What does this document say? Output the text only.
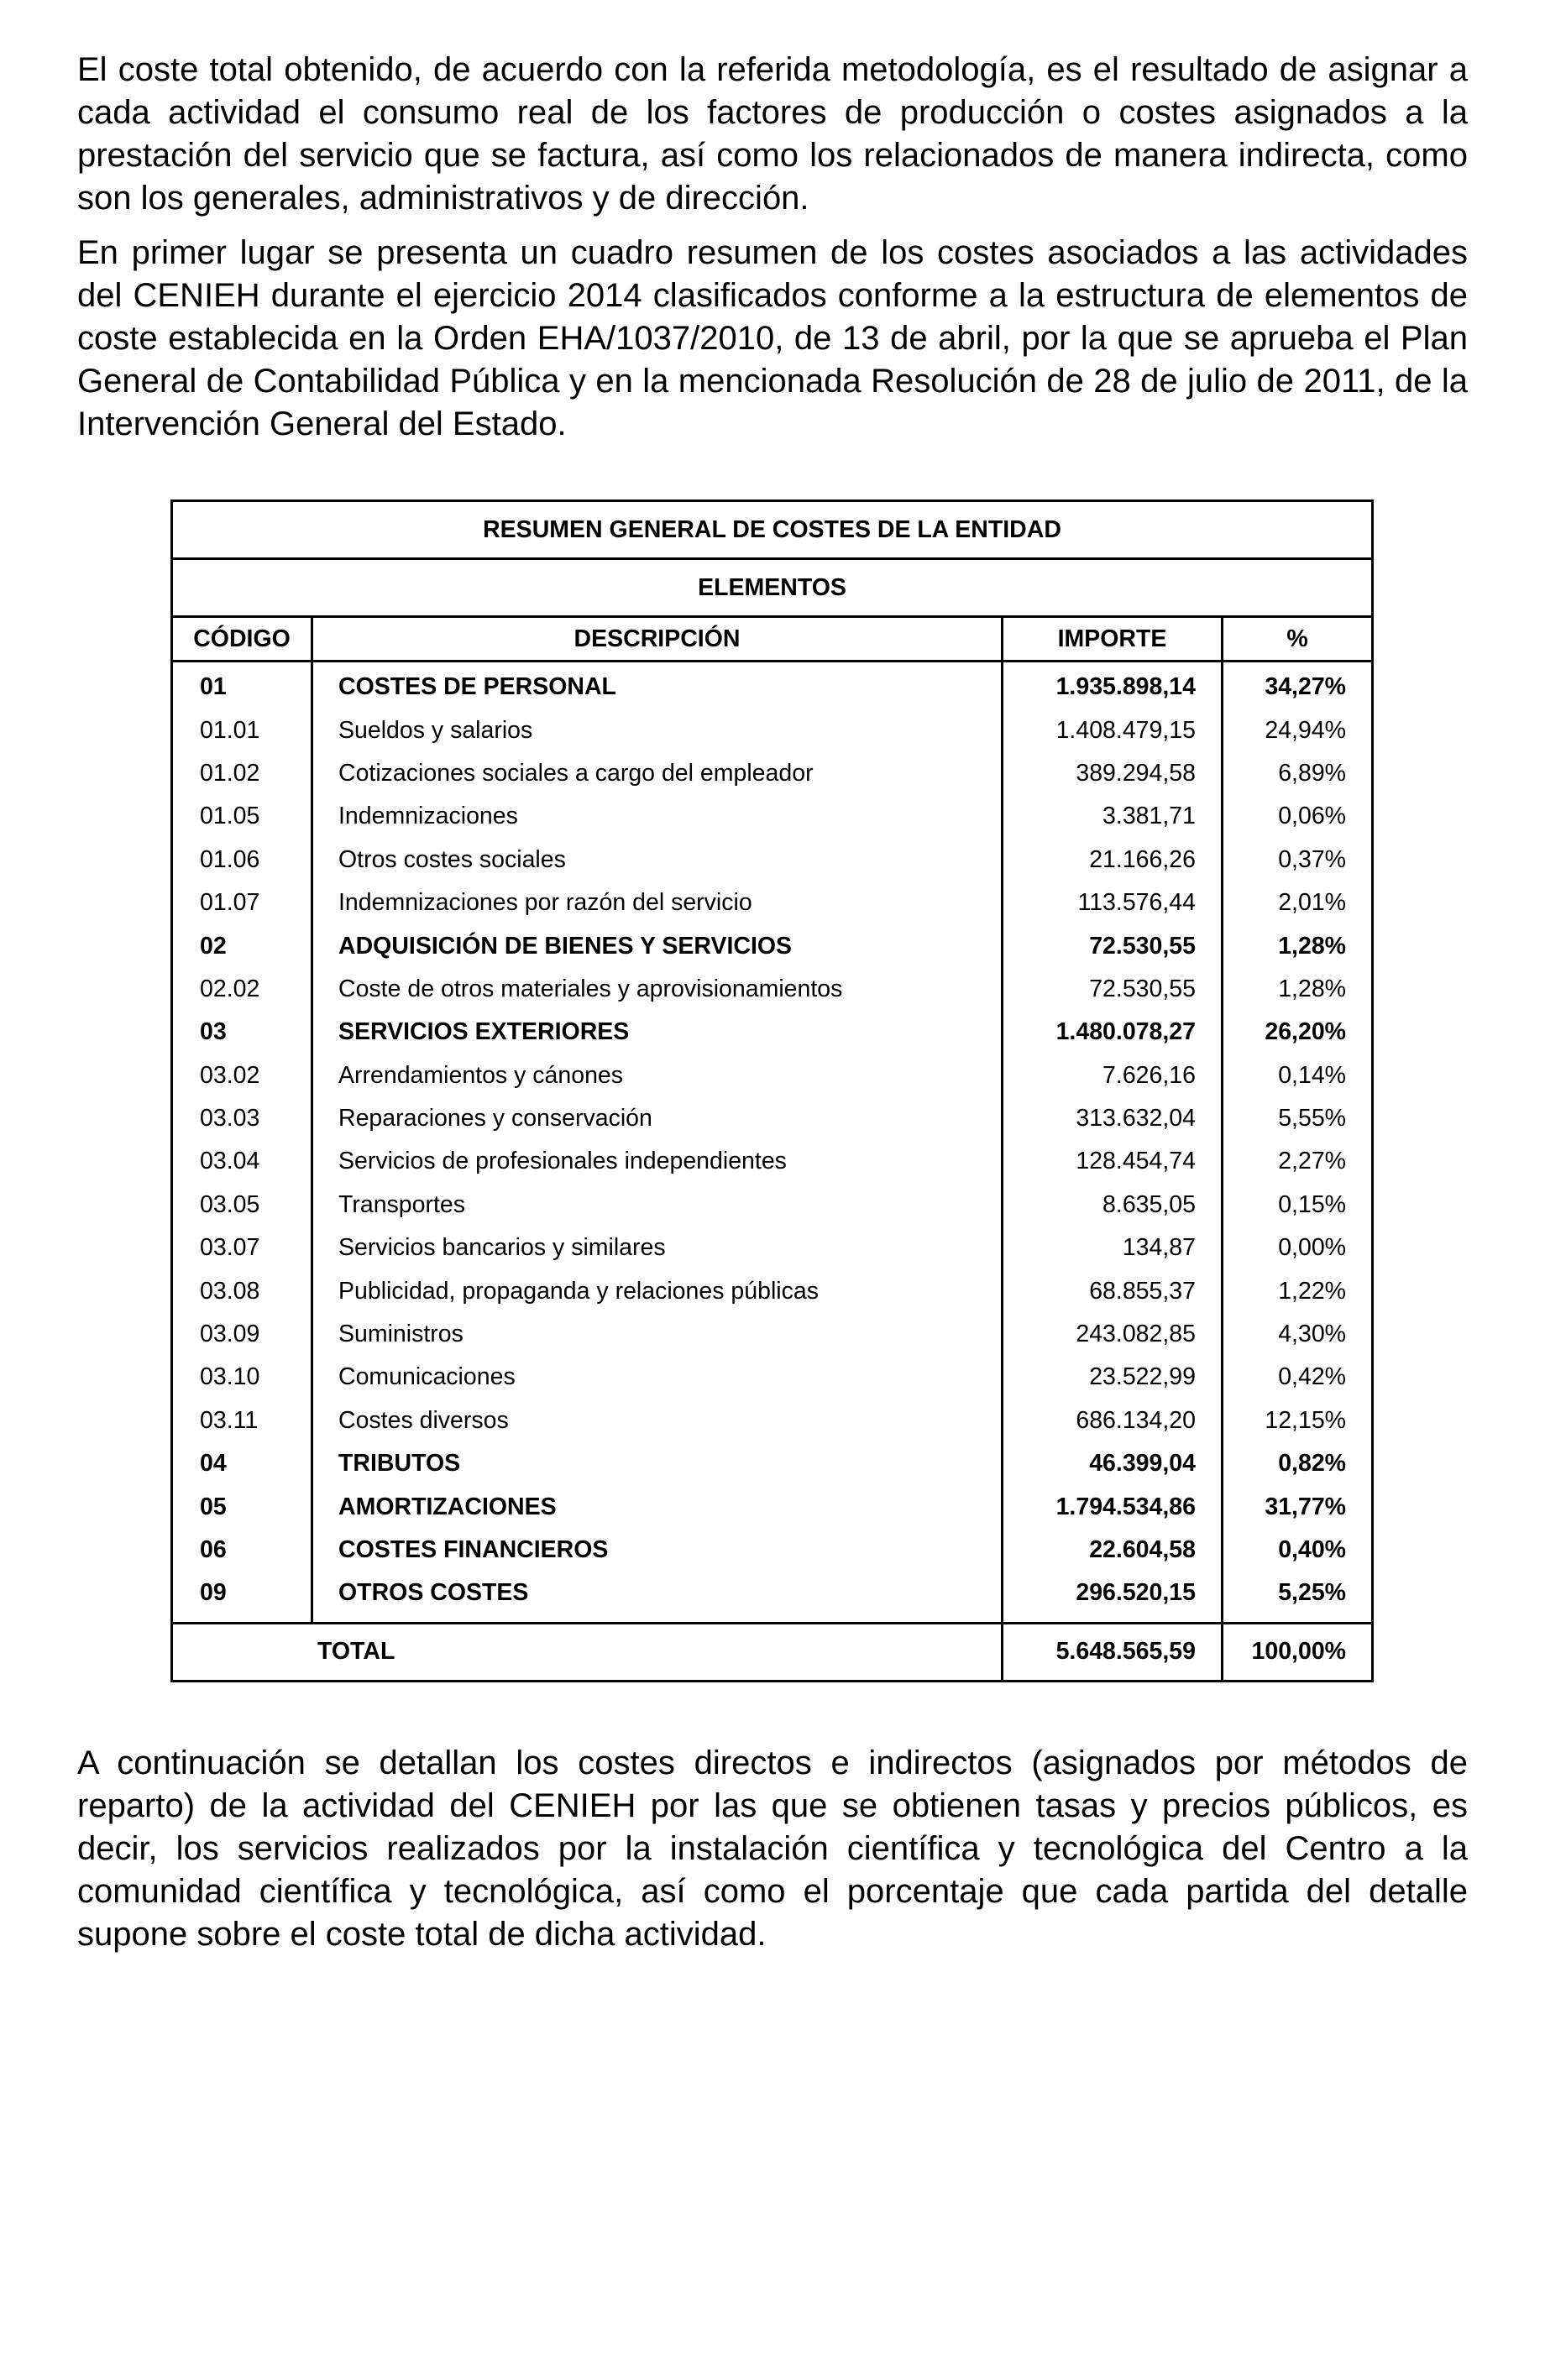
El coste total obtenido, de acuerdo con la referida metodología, es el resultado de asignar a cada actividad el consumo real de los factores de producción o costes asignados a la prestación del servicio que se factura, así como los relacionados de manera indirecta, como son los generales, administrativos y de dirección.

En primer lugar se presenta un cuadro resumen de los costes asociados a las actividades del CENIEH durante el ejercicio 2014 clasificados conforme a la estructura de elementos de coste establecida en la Orden EHA/1037/2010, de 13 de abril, por la que se aprueba el Plan General de Contabilidad Pública y en la mencionada Resolución de 28 de julio de 2011, de la Intervención General del Estado.

RESUMEN GENERAL DE COSTES DE LA ENTIDAD			
ELEMENTOS			
CÓDIGO	DESCRIPCIÓN	IMPORTE	%
01	COSTES DE PERSONAL	1.935.898,14	34,27%
01.01	Sueldos y salarios	1.408.479,15	24,94%
01.02	Cotizaciones sociales a cargo del empleador	389.294,58	6,89%
01.05	Indemnizaciones	3.381,71	0,06%
01.06	Otros costes sociales	21.166,26	0,37%
01.07	Indemnizaciones por razón del servicio	113.576,44	2,01%
02	ADQUISICIÓN DE BIENES Y SERVICIOS	72.530,55	1,28%
02.02	Coste de otros materiales y aprovisionamientos	72.530,55	1,28%
03	SERVICIOS EXTERIORES	1.480.078,27	26,20%
03.02	Arrendamientos y cánones	7.626,16	0,14%
03.03	Reparaciones y conservación	313.632,04	5,55%
03.04	Servicios de profesionales independientes	128.454,74	2,27%
03.05	Transportes	8.635,05	0,15%
03.07	Servicios bancarios y similares	134,87	0,00%
03.08	Publicidad, propaganda y relaciones públicas	68.855,37	1,22%
03.09	Suministros	243.082,85	4,30%
03.10	Comunicaciones	23.522,99	0,42%
03.11	Costes diversos	686.134,20	12,15%
04	TRIBUTOS	46.399,04	0,82%
05	AMORTIZACIONES	1.794.534,86	31,77%
06	COSTES FINANCIEROS	22.604,58	0,40%
09	OTROS COSTES	296.520,15	5,25%
TOTAL		5.648.565,59	100,00%

A continuación se detallan los costes directos e indirectos (asignados por métodos de reparto) de la actividad del CENIEH por las que se obtienen tasas y precios públicos, es decir, los servicios realizados por la instalación científica y tecnológica del Centro a la comunidad científica y tecnológica, así como el porcentaje que cada partida del detalle supone sobre el coste total de dicha actividad.
